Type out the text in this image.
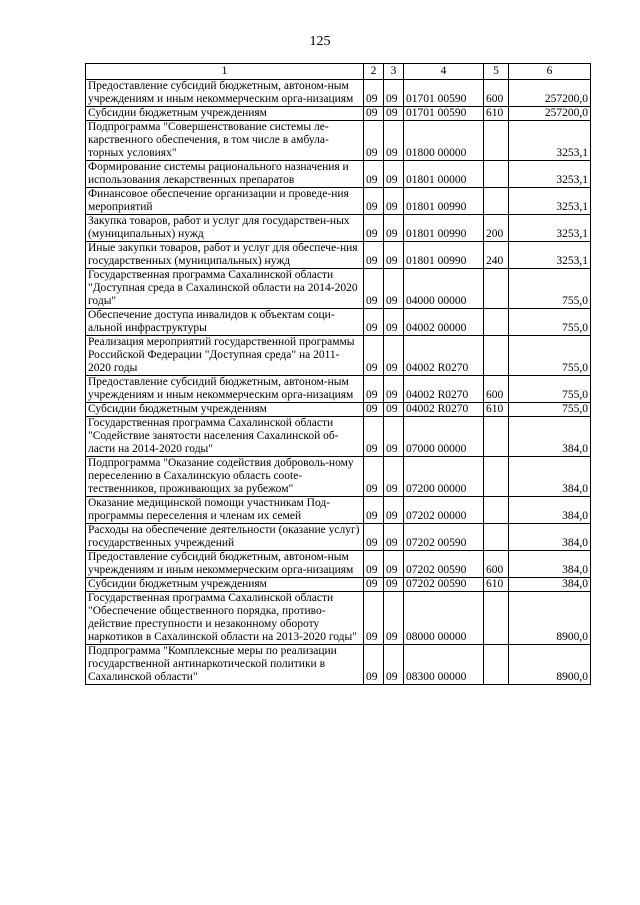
125
1	2	3	4	5	6
Предоставление субсидий бюджетным, автоном-ным учреждениям и иным некоммерческим орга-низациям	09	09	01701 00590	600	257200,0
Субсидии бюджетным учреждениям	09	09	01701 00590	610	257200,0
Подпрограмма "Совершенствование системы ле-карственного обеспечения, в том числе в амбула-торных условиях"	09	09	01800 00000		3253,1
Формирование системы рационального назначения и использования лекарственных препаратов	09	09	01801 00000		3253,1
Финансовое обеспечение организации и проведе-ния мероприятий	09	09	01801 00990		3253,1
Закупка товаров, работ и услуг для государствен-ных (муниципальных) нужд	09	09	01801 00990	200	3253,1
Иные закупки товаров, работ и услуг для обеспече-ния государственных (муниципальных) нужд	09	09	01801 00990	240	3253,1
Государственная программа Сахалинской области "Доступная среда в Сахалинской области на 2014-2020 годы"	09	09	04000 00000		755,0
Обеспечение доступа инвалидов к объектам соци-альной инфраструктуры	09	09	04002 00000		755,0
Реализация мероприятий государственной программы Российской Федерации "Доступная среда" на 2011-2020 годы	09	09	04002 R0270		755,0
Предоставление субсидий бюджетным, автоном-ным учреждениям и иным некоммерческим орга-низациям	09	09	04002 R0270	600	755,0
Субсидии бюджетным учреждениям	09	09	04002 R0270	610	755,0
Государственная программа Сахалинской области "Содействие занятости населения Сахалинской об-ласти на 2014-2020 годы"	09	09	07000 00000		384,0
Подпрограмма "Оказание содействия доброволь-ному переселению в Сахалинскую область соote-тественников, проживающих за рубежом"	09	09	07200 00000		384,0
Оказание медицинской помощи участникам Под-программы переселения и членам их семей	09	09	07202 00000		384,0
Расходы на обеспечение деятельности (оказание услуг) государственных учреждений	09	09	07202 00590		384,0
Предоставление субсидий бюджетным, автоном-ным учреждениям и иным некоммерческим орга-низациям	09	09	07202 00590	600	384,0
Субсидии бюджетным учреждениям	09	09	07202 00590	610	384,0
Государственная программа Сахалинской области "Обеспечение общественного порядка, противо-действие преступности и незаконному обороту наркотиков в Сахалинской области на 2013-2020 годы"	09	09	08000 00000		8900,0
Подпрограмма "Комплексные меры по реализации государственной антинаркотической политики в Сахалинской области"	09	09	08300 00000		8900,0
